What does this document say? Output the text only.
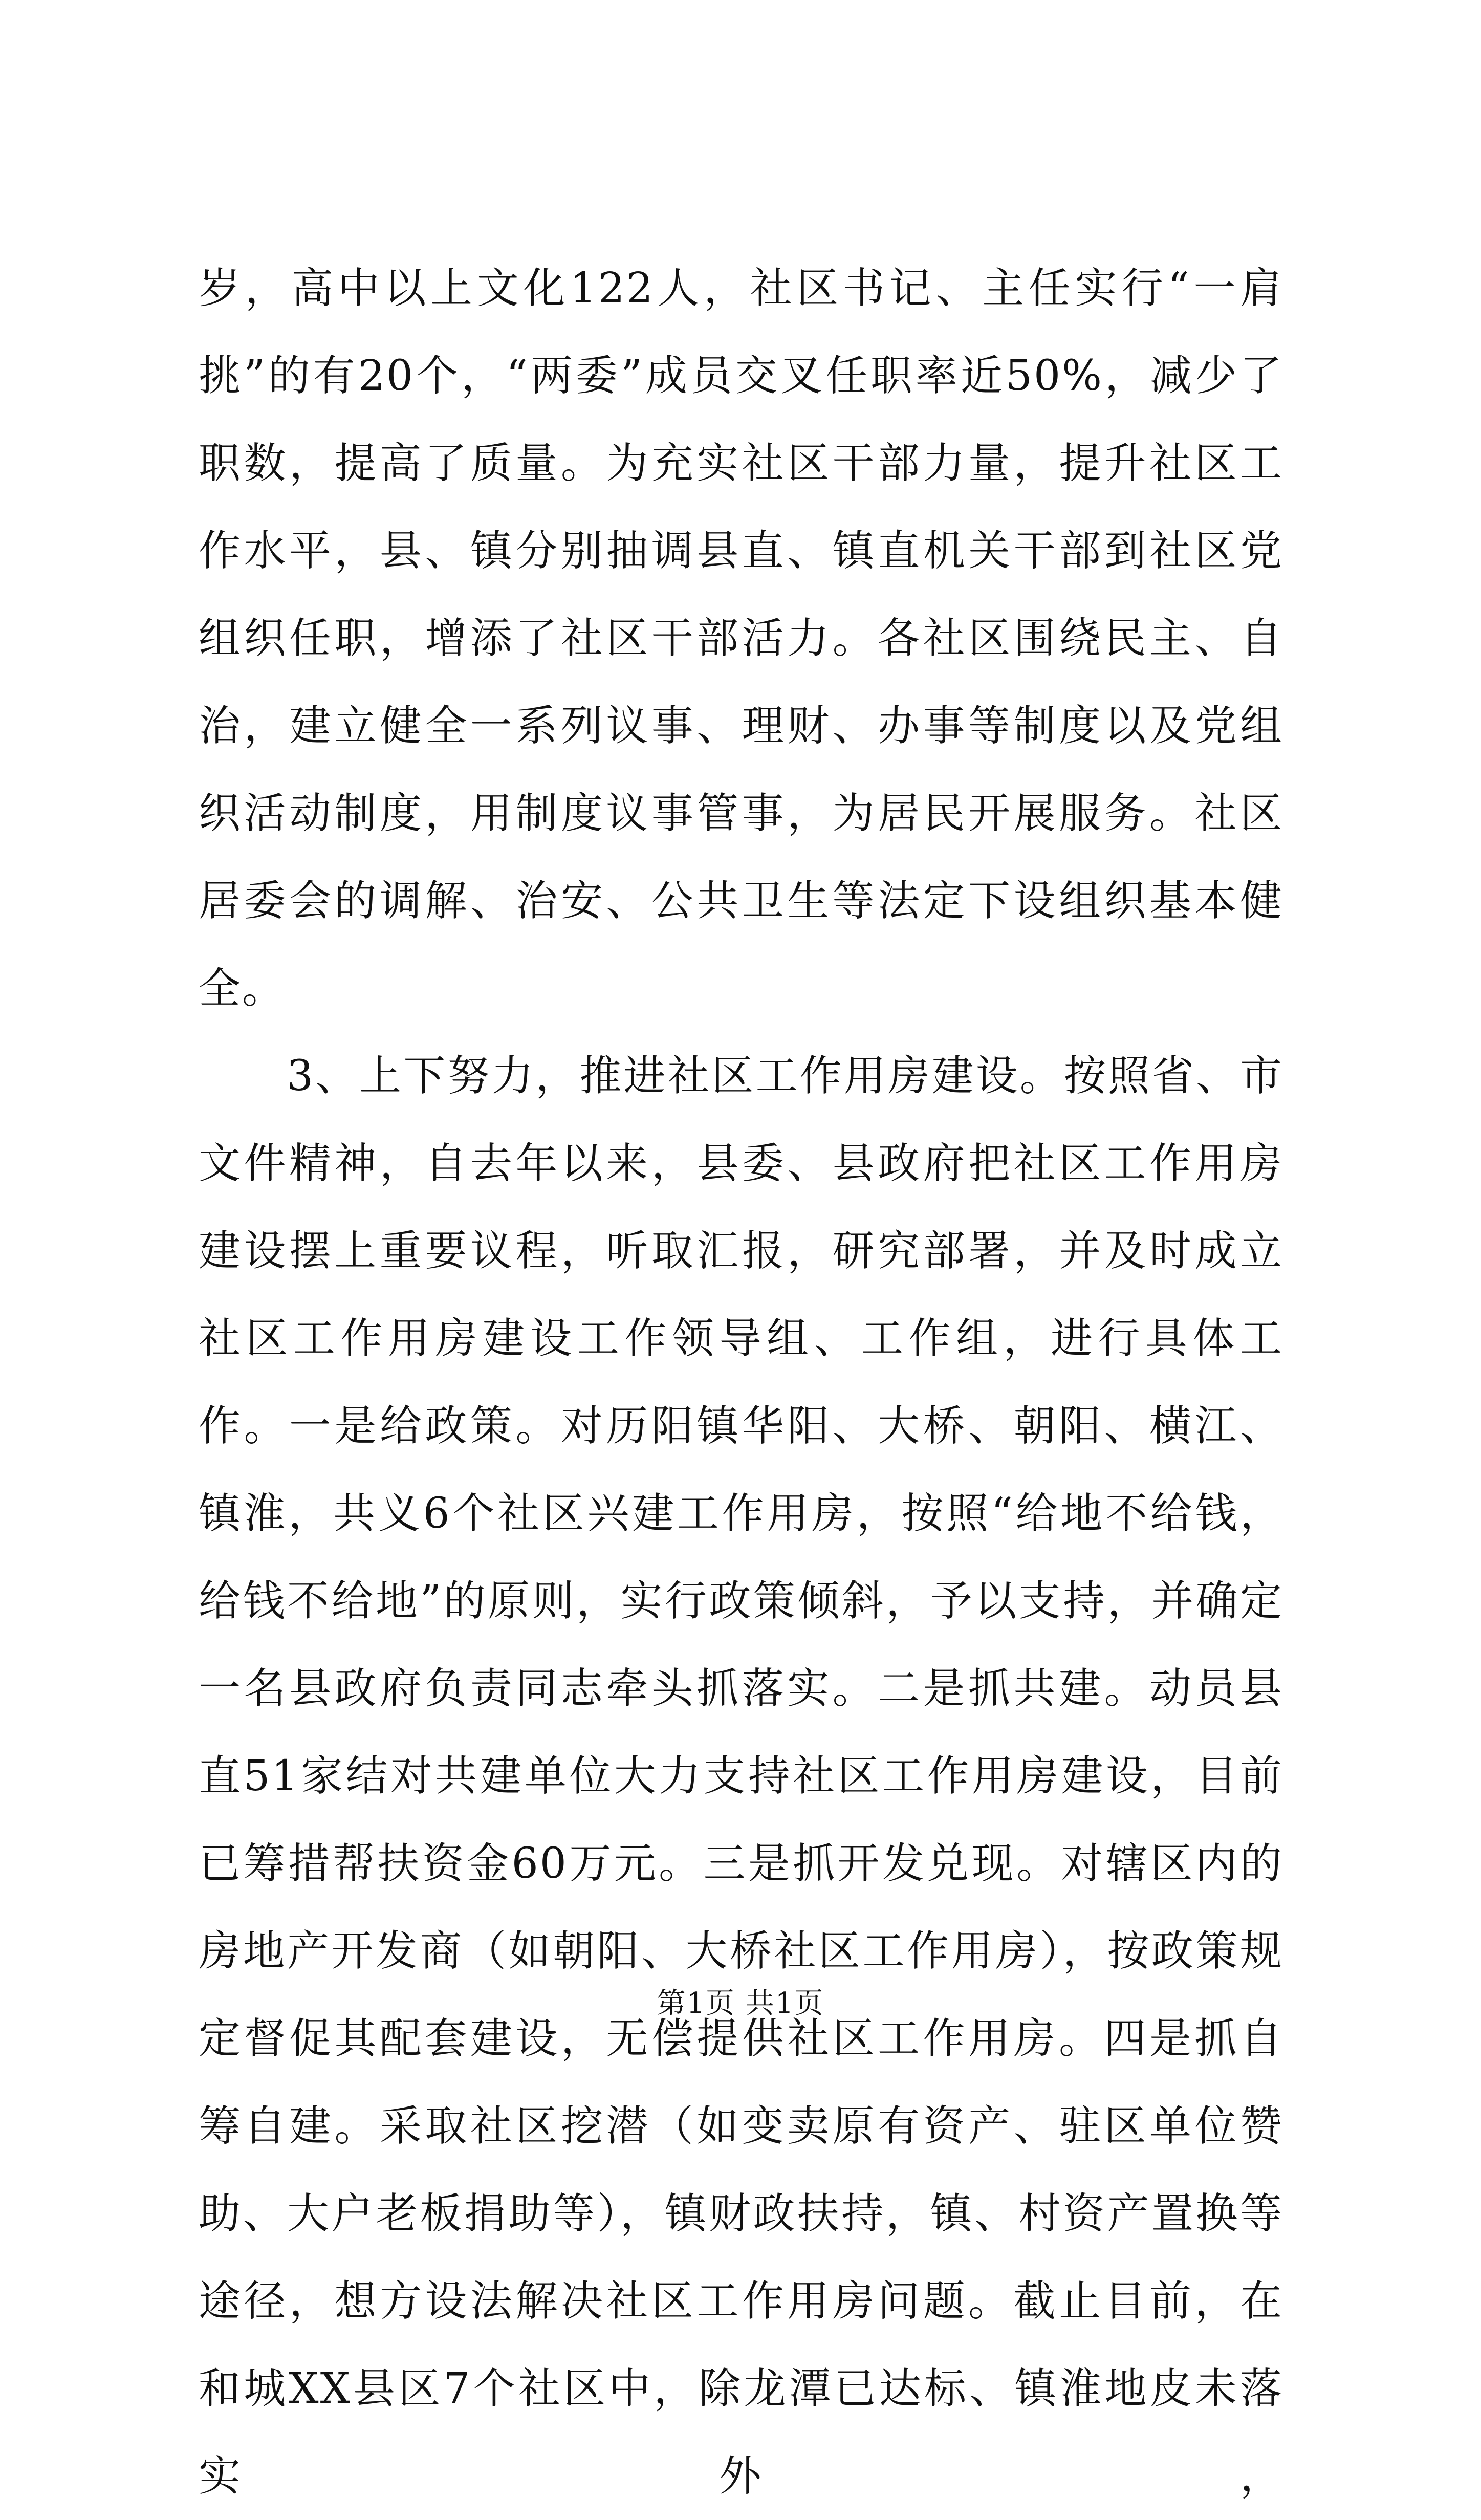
岁，高中以上文化122人，社区书记、主任实行“一肩挑”的有20个，“两委”成员交叉任职率近50%，减少了职数，提高了质量。为充实社区干部力量，提升社区工作水平，县、镇分别抽调县直、镇直机关干部到社区党组织任职，增添了社区干部活力。各社区围绕民主、自治，建立健全一系列议事、理财、办事等制度以及党组织活动制度，用制度议事管事，为居民开展服务。社区居委会的调解、治安、公共卫生等法定下设组织基本健全。

3、上下努力，推进社区工作用房建设。按照省、市文件精神，自去年以来，县委、县政府把社区工作用房建设摆上重要议程，听取汇报，研究部署，并及时成立社区工作用房建设工作领导组、工作组，进行具体工作。一是给政策。对历阳镇华阳、大桥、朝阳、横江、镇淮，共义6个社区兴建工作用房，按照“给地不给钱，给钱不给地”的原则，实行政策倾斜，予以支持，并确定一名县政府负责同志牵头抓落实。二是抓共建。动员县直51家结对共建单位大力支持社区工作用房建设，目前已筹措帮扶资金60万元。三是抓开发兑现。对辖区内的房地产开发商（如朝阳、大桥社区工作用房），按政策规定督促其配套建设，无偿提供社区工作用房。四是抓自筹自建。采取社区挖潜（如变卖原有资产、驻区单位赞助、大户老板捐助等），镇财政扶持，镇、村资产置换等途径，想方设法解决社区工作用房问题。截止目前，在和城XX县区7个社区中，除龙潭已达标、镇淮地皮未落实外，

第1页 共1页
